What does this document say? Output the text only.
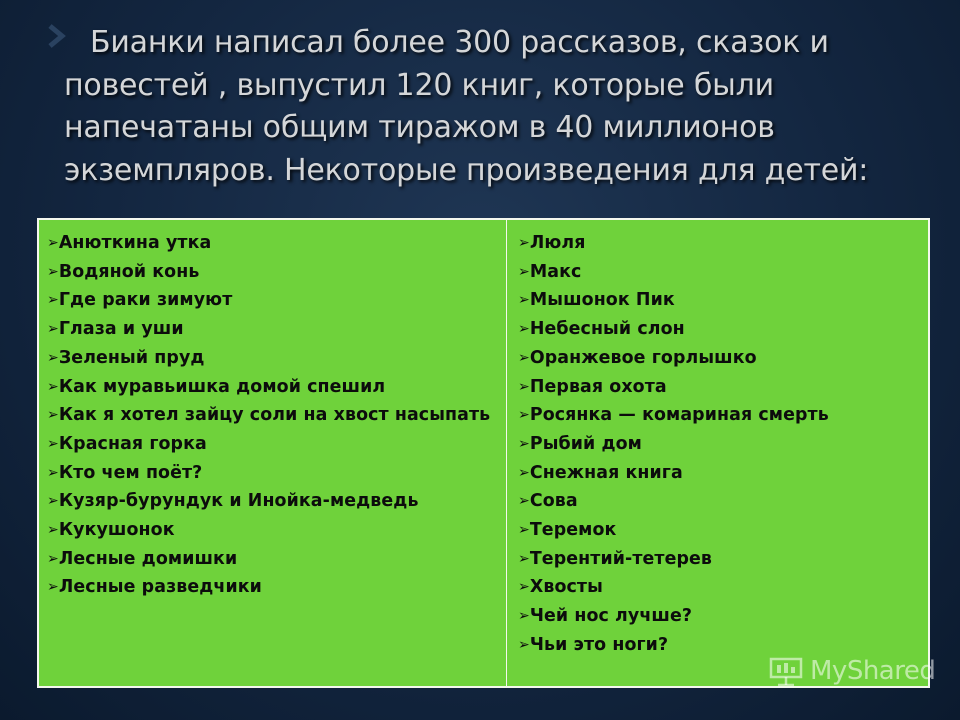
Бианки написал более 300 рассказов, сказок и повестей , выпустил 120 книг, которые были напечатаны общим тиражом в 40 миллионов экземпляров. Некоторые произведения для детей:
➢Анюткина утка
➢Водяной конь
➢Где раки зимуют
➢Глаза и уши
➢Зеленый пруд
➢Как муравьишка домой спешил
➢Как я хотел зайцу соли на хвост насыпать
➢Красная горка
➢Кто чем поёт?
➢Кузяр-бурундук и Инойка-медведь
➢Кукушонок
➢Лесные домишки
➢Лесные разведчики
➢Люля
➢Макс
➢Мышонок Пик
➢Небесный слон
➢Оранжевое горлышко
➢Первая охота
➢Росянка — комариная смерть
➢Рыбий дом
➢Снежная книга
➢Сова
➢Теремок
➢Терентий-тетерев
➢Хвосты
➢Чей нос лучше?
➢Чьи это ноги?
MyShared
